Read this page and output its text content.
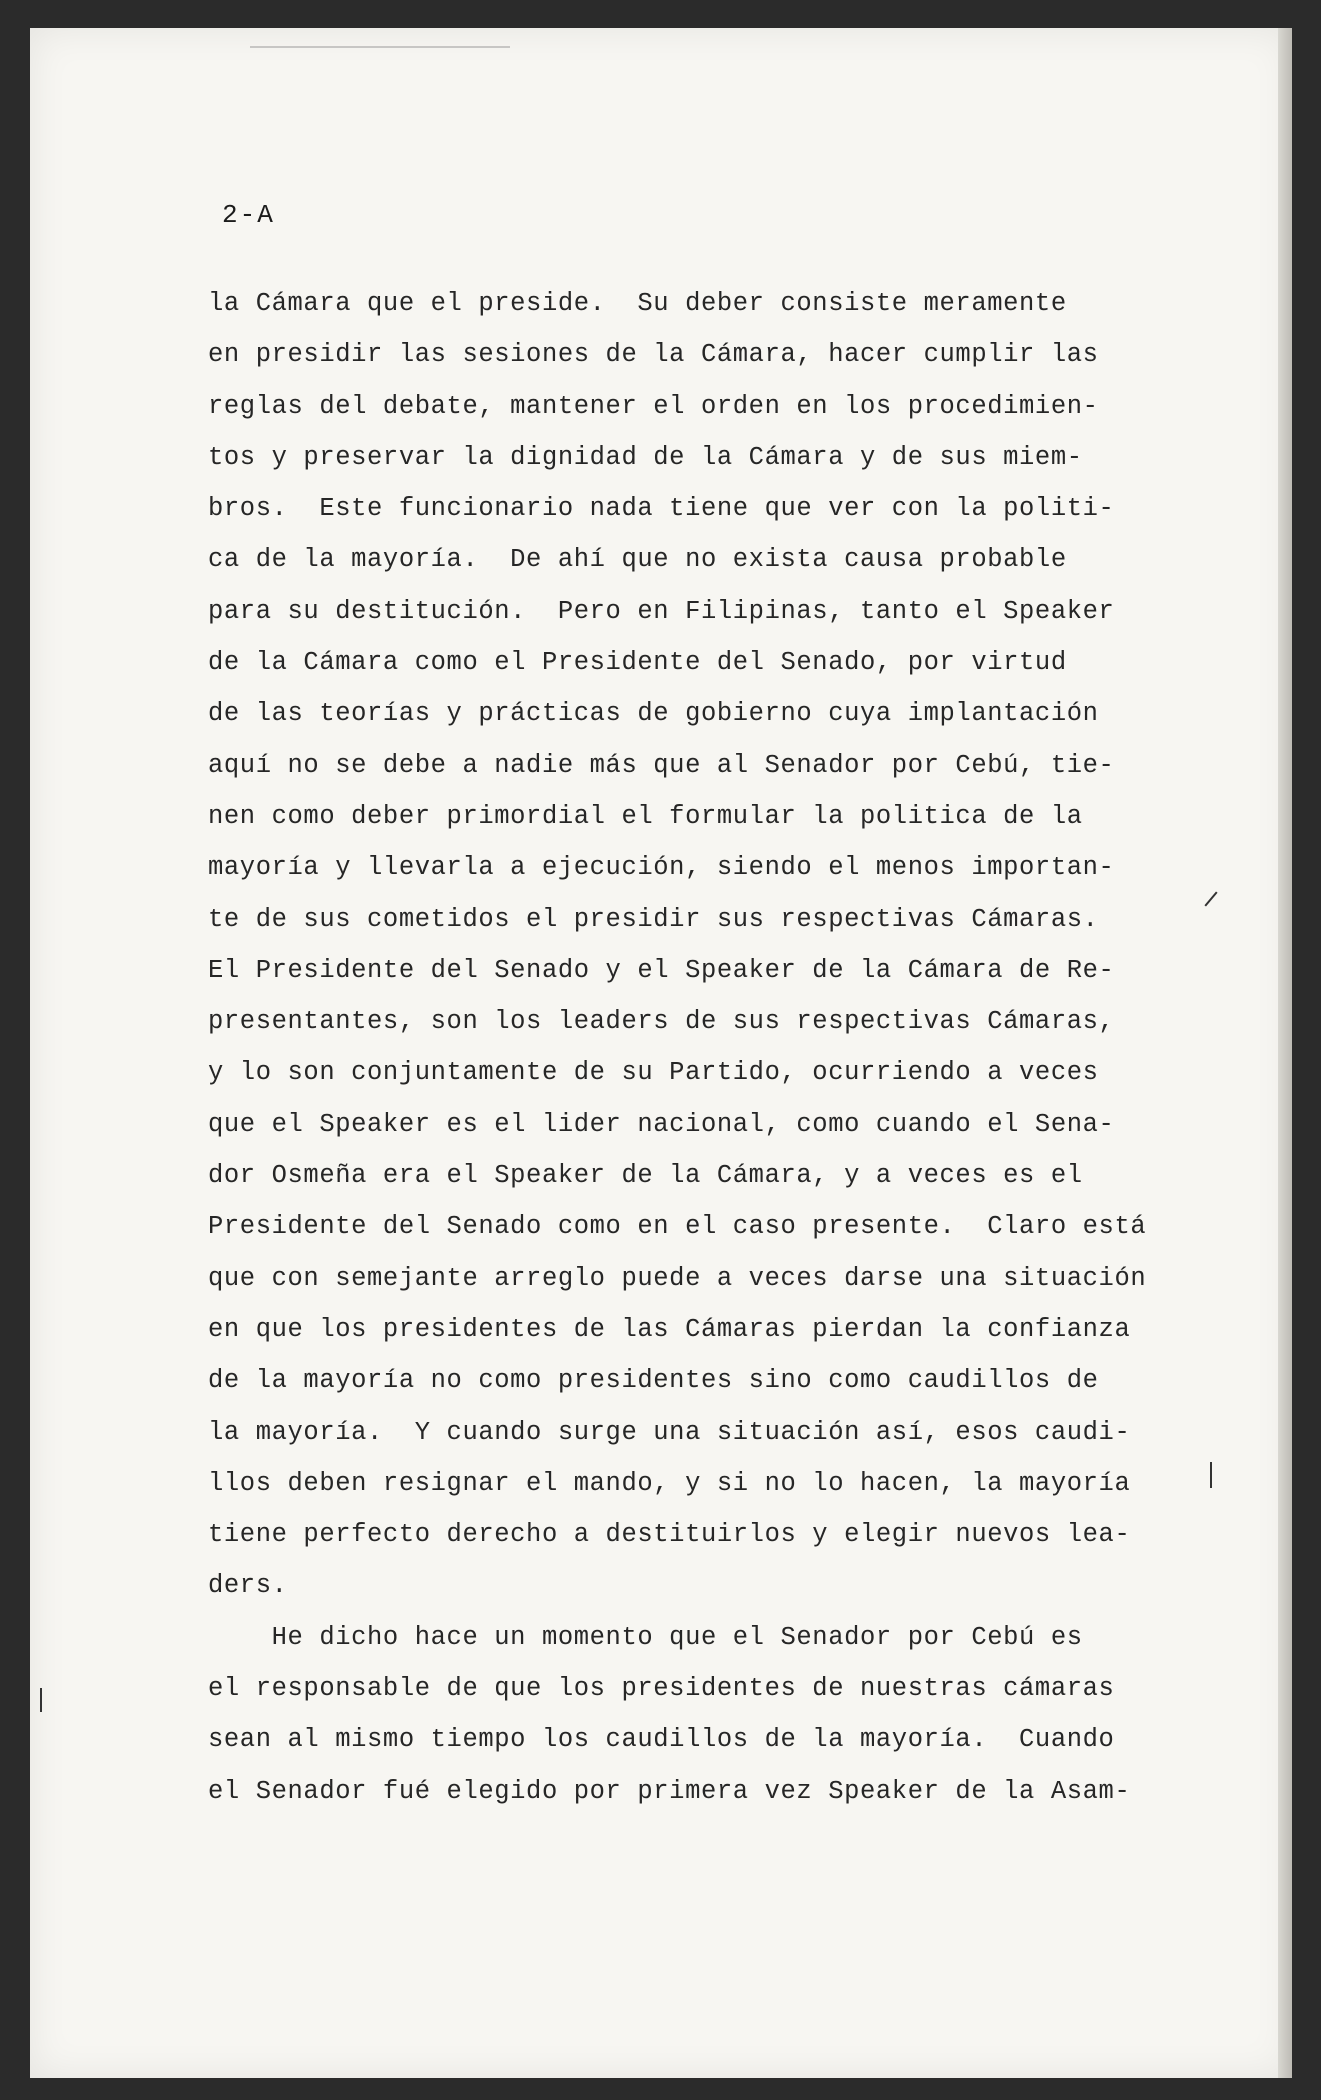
2-A
la Cámara que el preside.  Su deber consiste meramente
en presidir las sesiones de la Cámara, hacer cumplir las
reglas del debate, mantener el orden en los procedimien-
tos y preservar la dignidad de la Cámara y de sus miem-
bros.  Este funcionario nada tiene que ver con la politi-
ca de la mayoría.  De ahí que no exista causa probable
para su destitución.  Pero en Filipinas, tanto el Speaker
de la Cámara como el Presidente del Senado, por virtud
de las teorías y prácticas de gobierno cuya implantación
aquí no se debe a nadie más que al Senador por Cebú, tie-
nen como deber primordial el formular la politica de la
mayoría y llevarla a ejecución, siendo el menos importan-
te de sus cometidos el presidir sus respectivas Cámaras.
El Presidente del Senado y el Speaker de la Cámara de Re-
presentantes, son los leaders de sus respectivas Cámaras,
y lo son conjuntamente de su Partido, ocurriendo a veces
que el Speaker es el lider nacional, como cuando el Sena-
dor Osmeña era el Speaker de la Cámara, y a veces es el
Presidente del Senado como en el caso presente.  Claro está
que con semejante arreglo puede a veces darse una situación
en que los presidentes de las Cámaras pierdan la confianza
de la mayoría no como presidentes sino como caudillos de
la mayoría.  Y cuando surge una situación así, esos caudi-
llos deben resignar el mando, y si no lo hacen, la mayoría
tiene perfecto derecho a destituirlos y elegir nuevos lea-
ders.
He dicho hace un momento que el Senador por Cebú es
el responsable de que los presidentes de nuestras cámaras
sean al mismo tiempo los caudillos de la mayoría.  Cuando
el Senador fué elegido por primera vez Speaker de la Asam-
